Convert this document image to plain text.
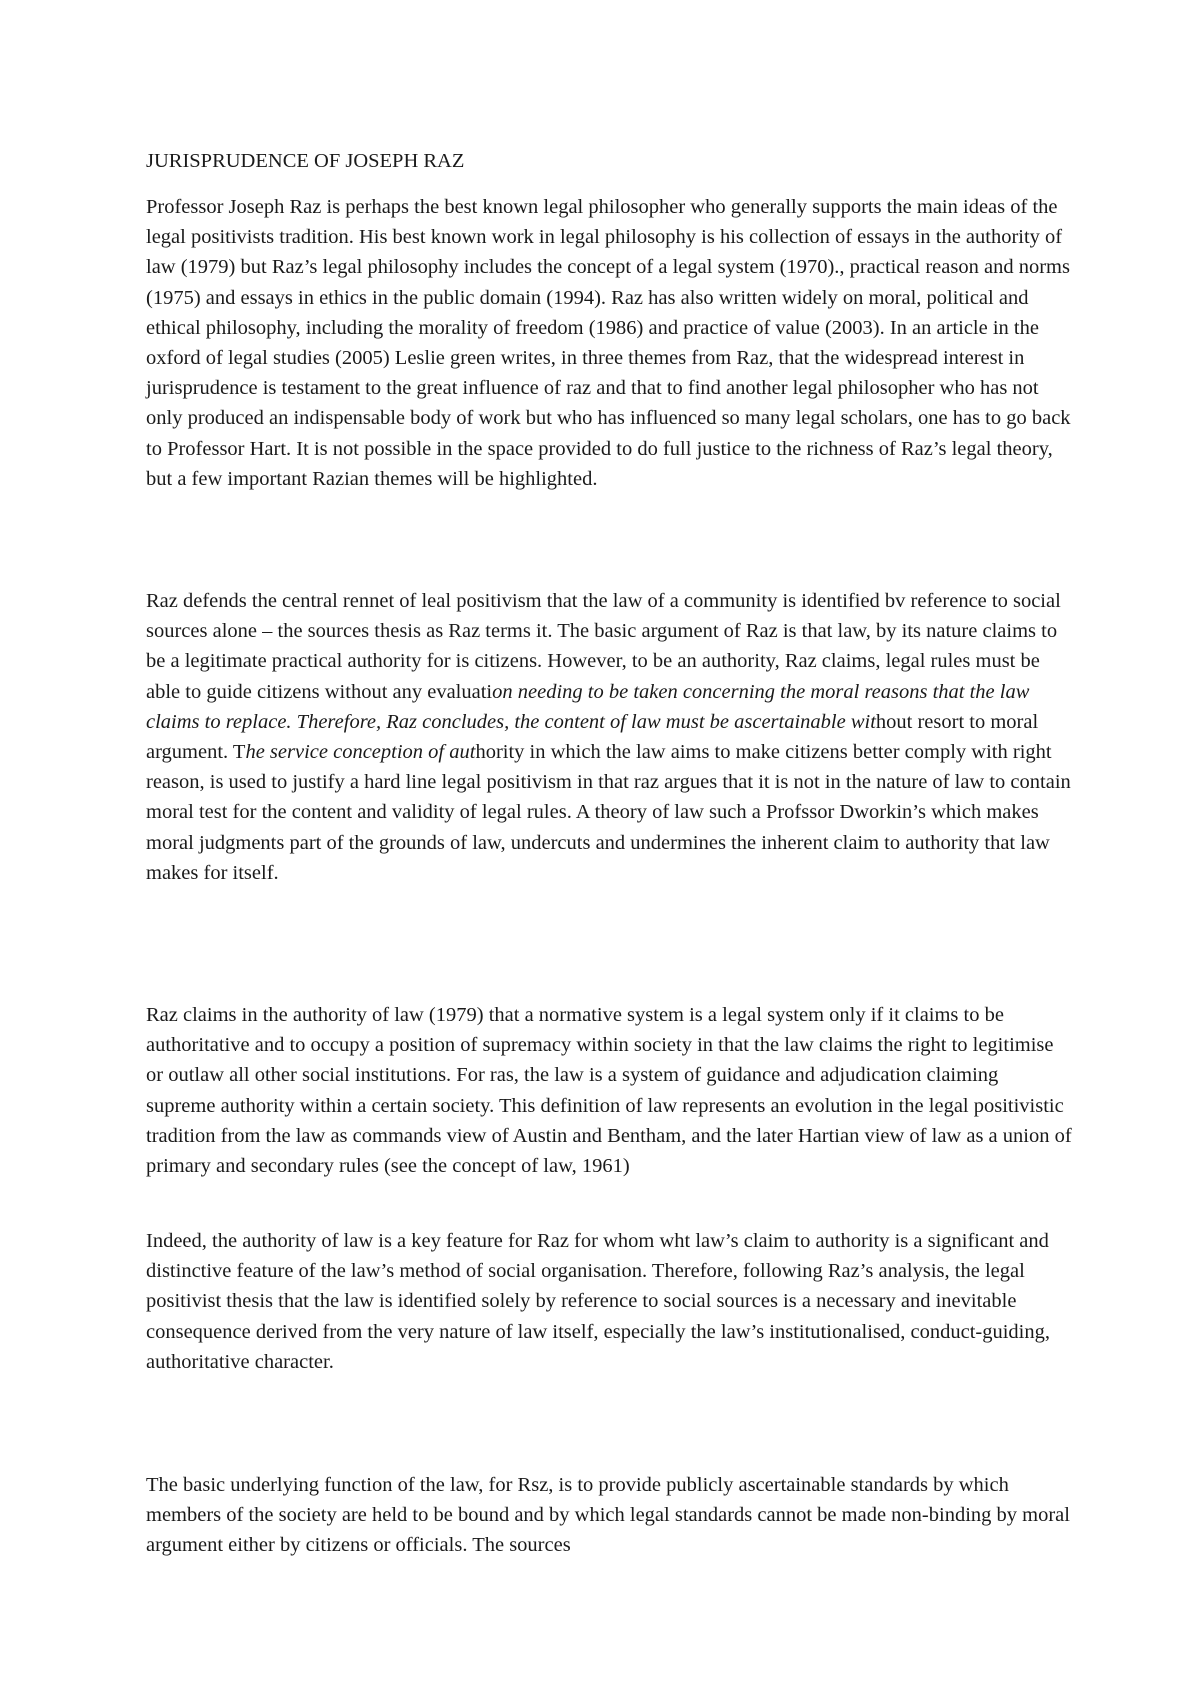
JURISPRUDENCE OF JOSEPH RAZ

Professor Joseph Raz is perhaps the best known legal philosopher who generally supports the main ideas of the legal positivists tradition. His best known work in legal philosophy is his collection of essays in the authority of law (1979) but Raz’s legal philosophy includes the concept of a legal system (1970)., practical reason and norms (1975) and essays in ethics in the public domain (1994). Raz has also written widely on moral, political and ethical philosophy, including the morality of freedom (1986) and practice of value (2003). In an article in the oxford of legal studies (2005) Leslie green writes, in three themes from Raz, that the widespread interest in jurisprudence is testament to the great influence of raz and that to find another legal philosopher who has not only produced an indispensable body of work but who has influenced so many legal scholars, one has to go back to Professor Hart. It is not possible in the space provided to do full justice to the richness of Raz’s legal theory, but a few important Razian themes will be highlighted.

Raz defends the central rennet of leal positivism that the law of a community is identified bv reference to social sources alone – the sources thesis as Raz terms it. The basic argument of Raz is that law, by its nature claims to be a legitimate practical authority for is citizens. However, to be an authority, Raz claims, legal rules must be able to guide citizens without any evaluation needing to be taken concerning the moral reasons that the law claims to replace. Therefore, Raz concludes, the content of law must be ascertainable without resort to moral argument. The service conception of authority in which the law aims to make citizens better comply with right reason, is used to justify a hard line legal positivism in that raz argues that it is not in the nature of law to contain moral test for the content and validity of legal rules. A theory of law such a Profssor Dworkin’s which makes moral judgments part of the grounds of law, undercuts and undermines the inherent claim to authority that law makes for itself.

Raz claims in the authority of law (1979) that a normative system is a legal system only if it claims to be authoritative and to occupy a position of supremacy within society in that the law claims the right to legitimise or outlaw all other social institutions. For ras, the law is a system of guidance and adjudication claiming supreme authority within a certain society. This definition of law represents an evolution in the legal positivistic tradition from the law as commands view of Austin and Bentham, and the later Hartian view of law as a union of primary and secondary rules (see the concept of law, 1961)

Indeed, the authority of law is a key feature for Raz for whom wht law’s claim to authority is a significant and distinctive feature of the law’s method of social organisation. Therefore, following Raz’s analysis, the legal positivist thesis that the law is identified solely by reference to social sources is a necessary and inevitable consequence derived from the very nature of law itself, especially the law’s institutionalised, conduct-guiding, authoritative character.

The basic underlying function of the law, for Rsz, is to provide publicly ascertainable standards by which members of the society are held to be bound and by which legal standards cannot be made non-binding by moral argument either by citizens or officials. The sources
